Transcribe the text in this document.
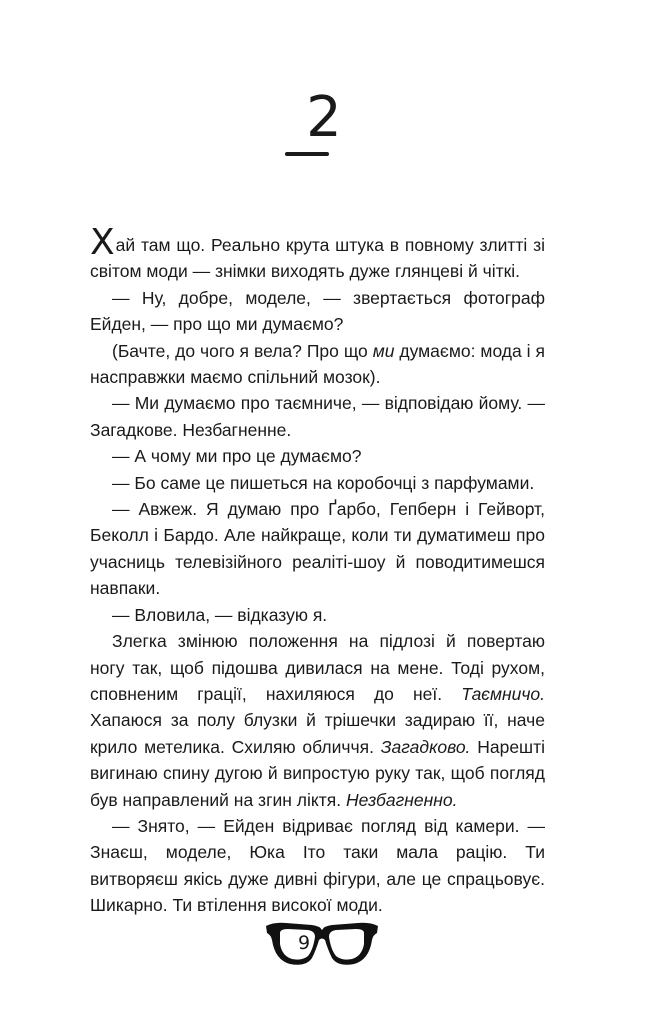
2

Хай там що. Реально крута штука в повному злитті зі світом моди — знімки виходять дуже глянцеві й чіткі.

— Ну, добре, моделе, — звертається фотограф Ейден, — про що ми думаємо?

(Бачте, до чого я вела? Про що ми думаємо: мода і я насправжки маємо спільний мозок).

— Ми думаємо про таємниче, — відповідаю йому. — Загадкове. Незбагненне.

— А чому ми про це думаємо?

— Бо саме це пишеться на коробочці з парфумами.

— Авжеж. Я думаю про Ґарбо, Гепберн і Гейворт, Беколл і Бардо. Але найкраще, коли ти думатимеш про учасниць телевізійного реаліті-шоу й поводитимешся навпаки.

— Вловила, — відказую я.

Злегка змінюю положення на підлозі й повертаю ногу так, щоб підошва дивилася на мене. Тоді рухом, сповненим грації, нахиляюся до неї. Таємничо. Хапаюся за полу блузки й трішечки задираю її, наче крило метелика. Схиляю обличчя. Загадково. Нарешті вигинаю спину дугою й випростую руку так, щоб погляд був направлений на згин ліктя. Незбагненно.

— Знято, — Ейден відриває погляд від камери. — Знаєш, моделе, Юка Іто таки мала рацію. Ти витворяєш якісь дуже дивні фігури, але це спрацьовує. Шикарно. Ти втілення високої моди.

9
